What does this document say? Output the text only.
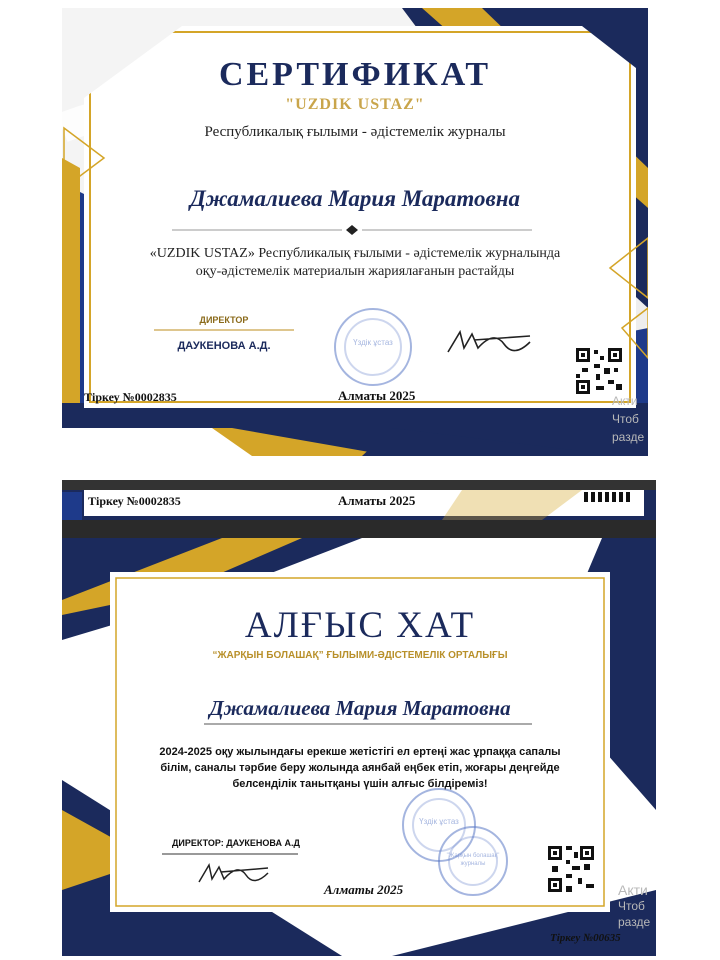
СЕРТИФИКАТ
"UZDIK USTAZ"
Республикалық ғылыми - әдістемелік журналы
Джамалиева Мария Маратовна
«UZDIK USTAZ» Республикалық ғылыми - әдістемелік журналында
оқу-әдістемелік материалын жариялағанын растайды
ДИРЕКТОР
ДАУКЕНОВА А.Д.	Үздік ұстаз
Алматы 2025
Тіркеу №0002835	Акти
Чтоб
разде
Тіркеу №0002835	Алматы 2025
АЛҒЫС ХАТ
“ЖАРҚЫН БОЛАШАҚ” ҒЫЛЫМИ-ӘДІСТЕМЕЛІК ОРТАЛЫҒЫ
Джамалиева Мария Маратовна
2024-2025 оқу жылындағы ерекше жетістігі ел ертеңі жас ұрпаққа сапалы
білім, саналы тәрбие беру жолында аянбай еңбек етіп, жоғары деңгейде
белсенділік танытқаны үшін алғыс білдіреміз!
ДИРЕКТОР: ДАУКЕНОВА А.Д
Үздік ұстаз
"Жарқын болашақ" журналы
Алматы 2025
Тіркеу №00635
Акти
Чтоб
разде
